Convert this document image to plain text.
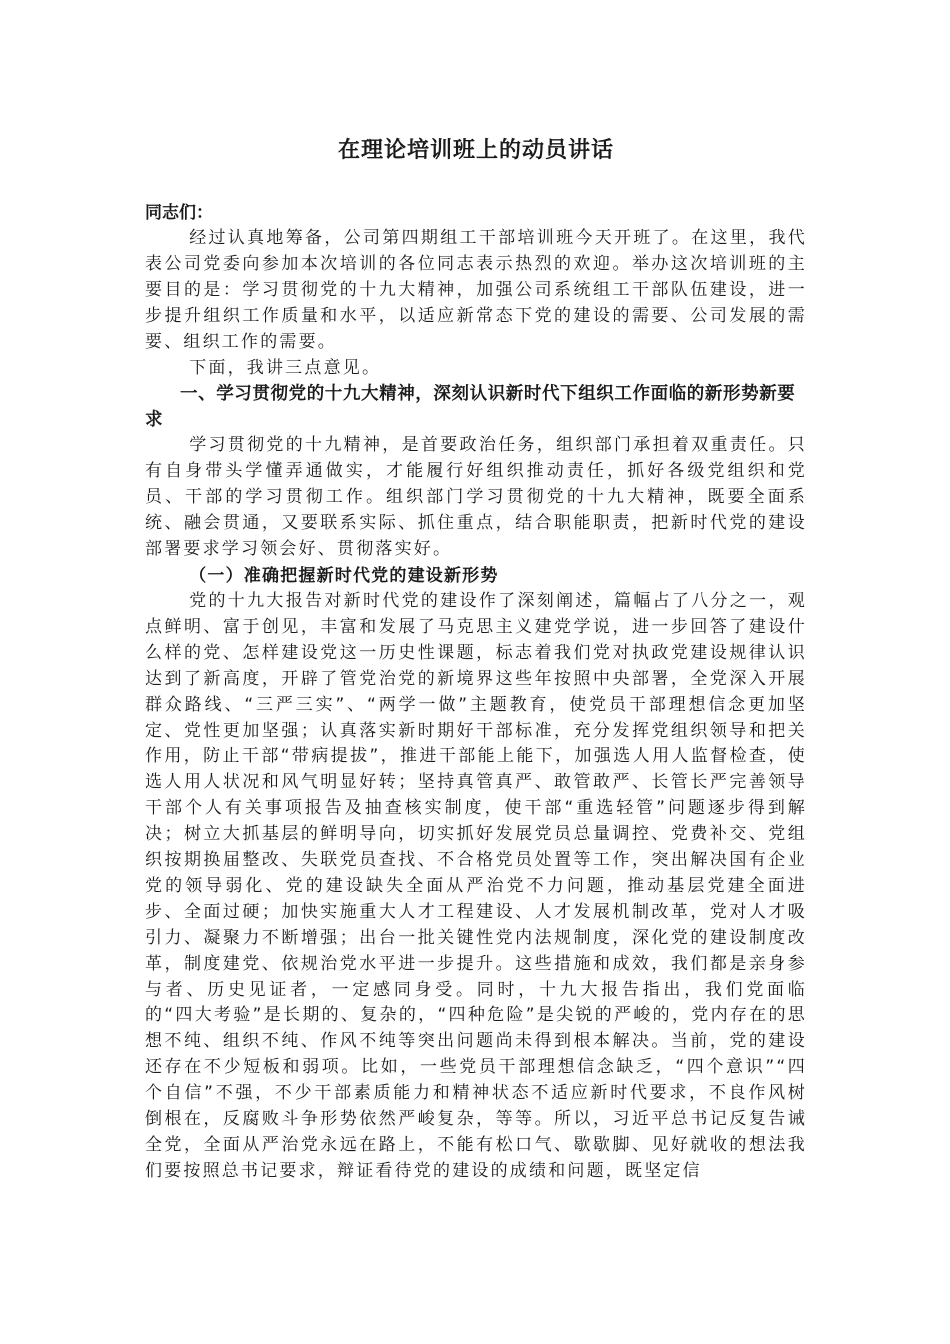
在理论培训班上的动员讲话

同志们：

经过认真地筹备，公司第四期组工干部培训班今天开班了。在这里，我代表公司党委向参加本次培训的各位同志表示热烈的欢迎。举办这次培训班的主要目的是：学习贯彻党的十九大精神，加强公司系统组工干部队伍建设，进一步提升组织工作质量和水平，以适应新常态下党的建设的需要、公司发展的需要、组织工作的需要。

下面，我讲三点意见。

一、学习贯彻党的十九大精神，深刻认识新时代下组织工作面临的新形势新要求

学习贯彻党的十九精神，是首要政治任务，组织部门承担着双重责任。只有自身带头学懂弄通做实，才能履行好组织推动责任，抓好各级党组织和党员、干部的学习贯彻工作。组织部门学习贯彻党的十九大精神，既要全面系统、融会贯通，又要联系实际、抓住重点，结合职能职责，把新时代党的建设部署要求学习领会好、贯彻落实好。

（一）准确把握新时代党的建设新形势

党的十九大报告对新时代党的建设作了深刻阐述，篇幅占了八分之一，观点鲜明、富于创见，丰富和发展了马克思主义建党学说，进一步回答了建设什么样的党、怎样建设党这一历史性课题，标志着我们党对执政党建设规律认识达到了新高度，开辟了管党治党的新境界这些年按照中央部署，全党深入开展群众路线、“三严三实”、“两学一做”主题教育，使党员干部理想信念更加坚定、党性更加坚强；认真落实新时期好干部标准，充分发挥党组织领导和把关作用，防止干部“带病提拔”，推进干部能上能下，加强选人用人监督检查，使选人用人状况和风气明显好转；坚持真管真严、敢管敢严、长管长严完善领导干部个人有关事项报告及抽查核实制度，使干部“重选轻管”问题逐步得到解决；树立大抓基层的鲜明导向，切实抓好发展党员总量调控、党费补交、党组织按期换届整改、失联党员查找、不合格党员处置等工作，突出解决国有企业党的领导弱化、党的建设缺失全面从严治党不力问题，推动基层党建全面进步、全面过硬；加快实施重大人才工程建设、人才发展机制改革，党对人才吸引力、凝聚力不断增强；出台一批关键性党内法规制度，深化党的建设制度改革，制度建党、依规治党水平进一步提升。这些措施和成效，我们都是亲身参与者、历史见证者，一定感同身受。同时，十九大报告指出，我们党面临的“四大考验”是长期的、复杂的，“四种危险”是尖锐的严峻的，党内存在的思想不纯、组织不纯、作风不纯等突出问题尚未得到根本解决。当前，党的建设还存在不少短板和弱项。比如，一些党员干部理想信念缺乏，“四个意识”“四个自信”不强，不少干部素质能力和精神状态不适应新时代要求，不良作风树倒根在，反腐败斗争形势依然严峻复杂，等等。所以，习近平总书记反复告诫全党，全面从严治党永远在路上，不能有松口气、歇歇脚、见好就收的想法我们要按照总书记要求，辩证看待党的建设的成绩和问题，既坚定信
